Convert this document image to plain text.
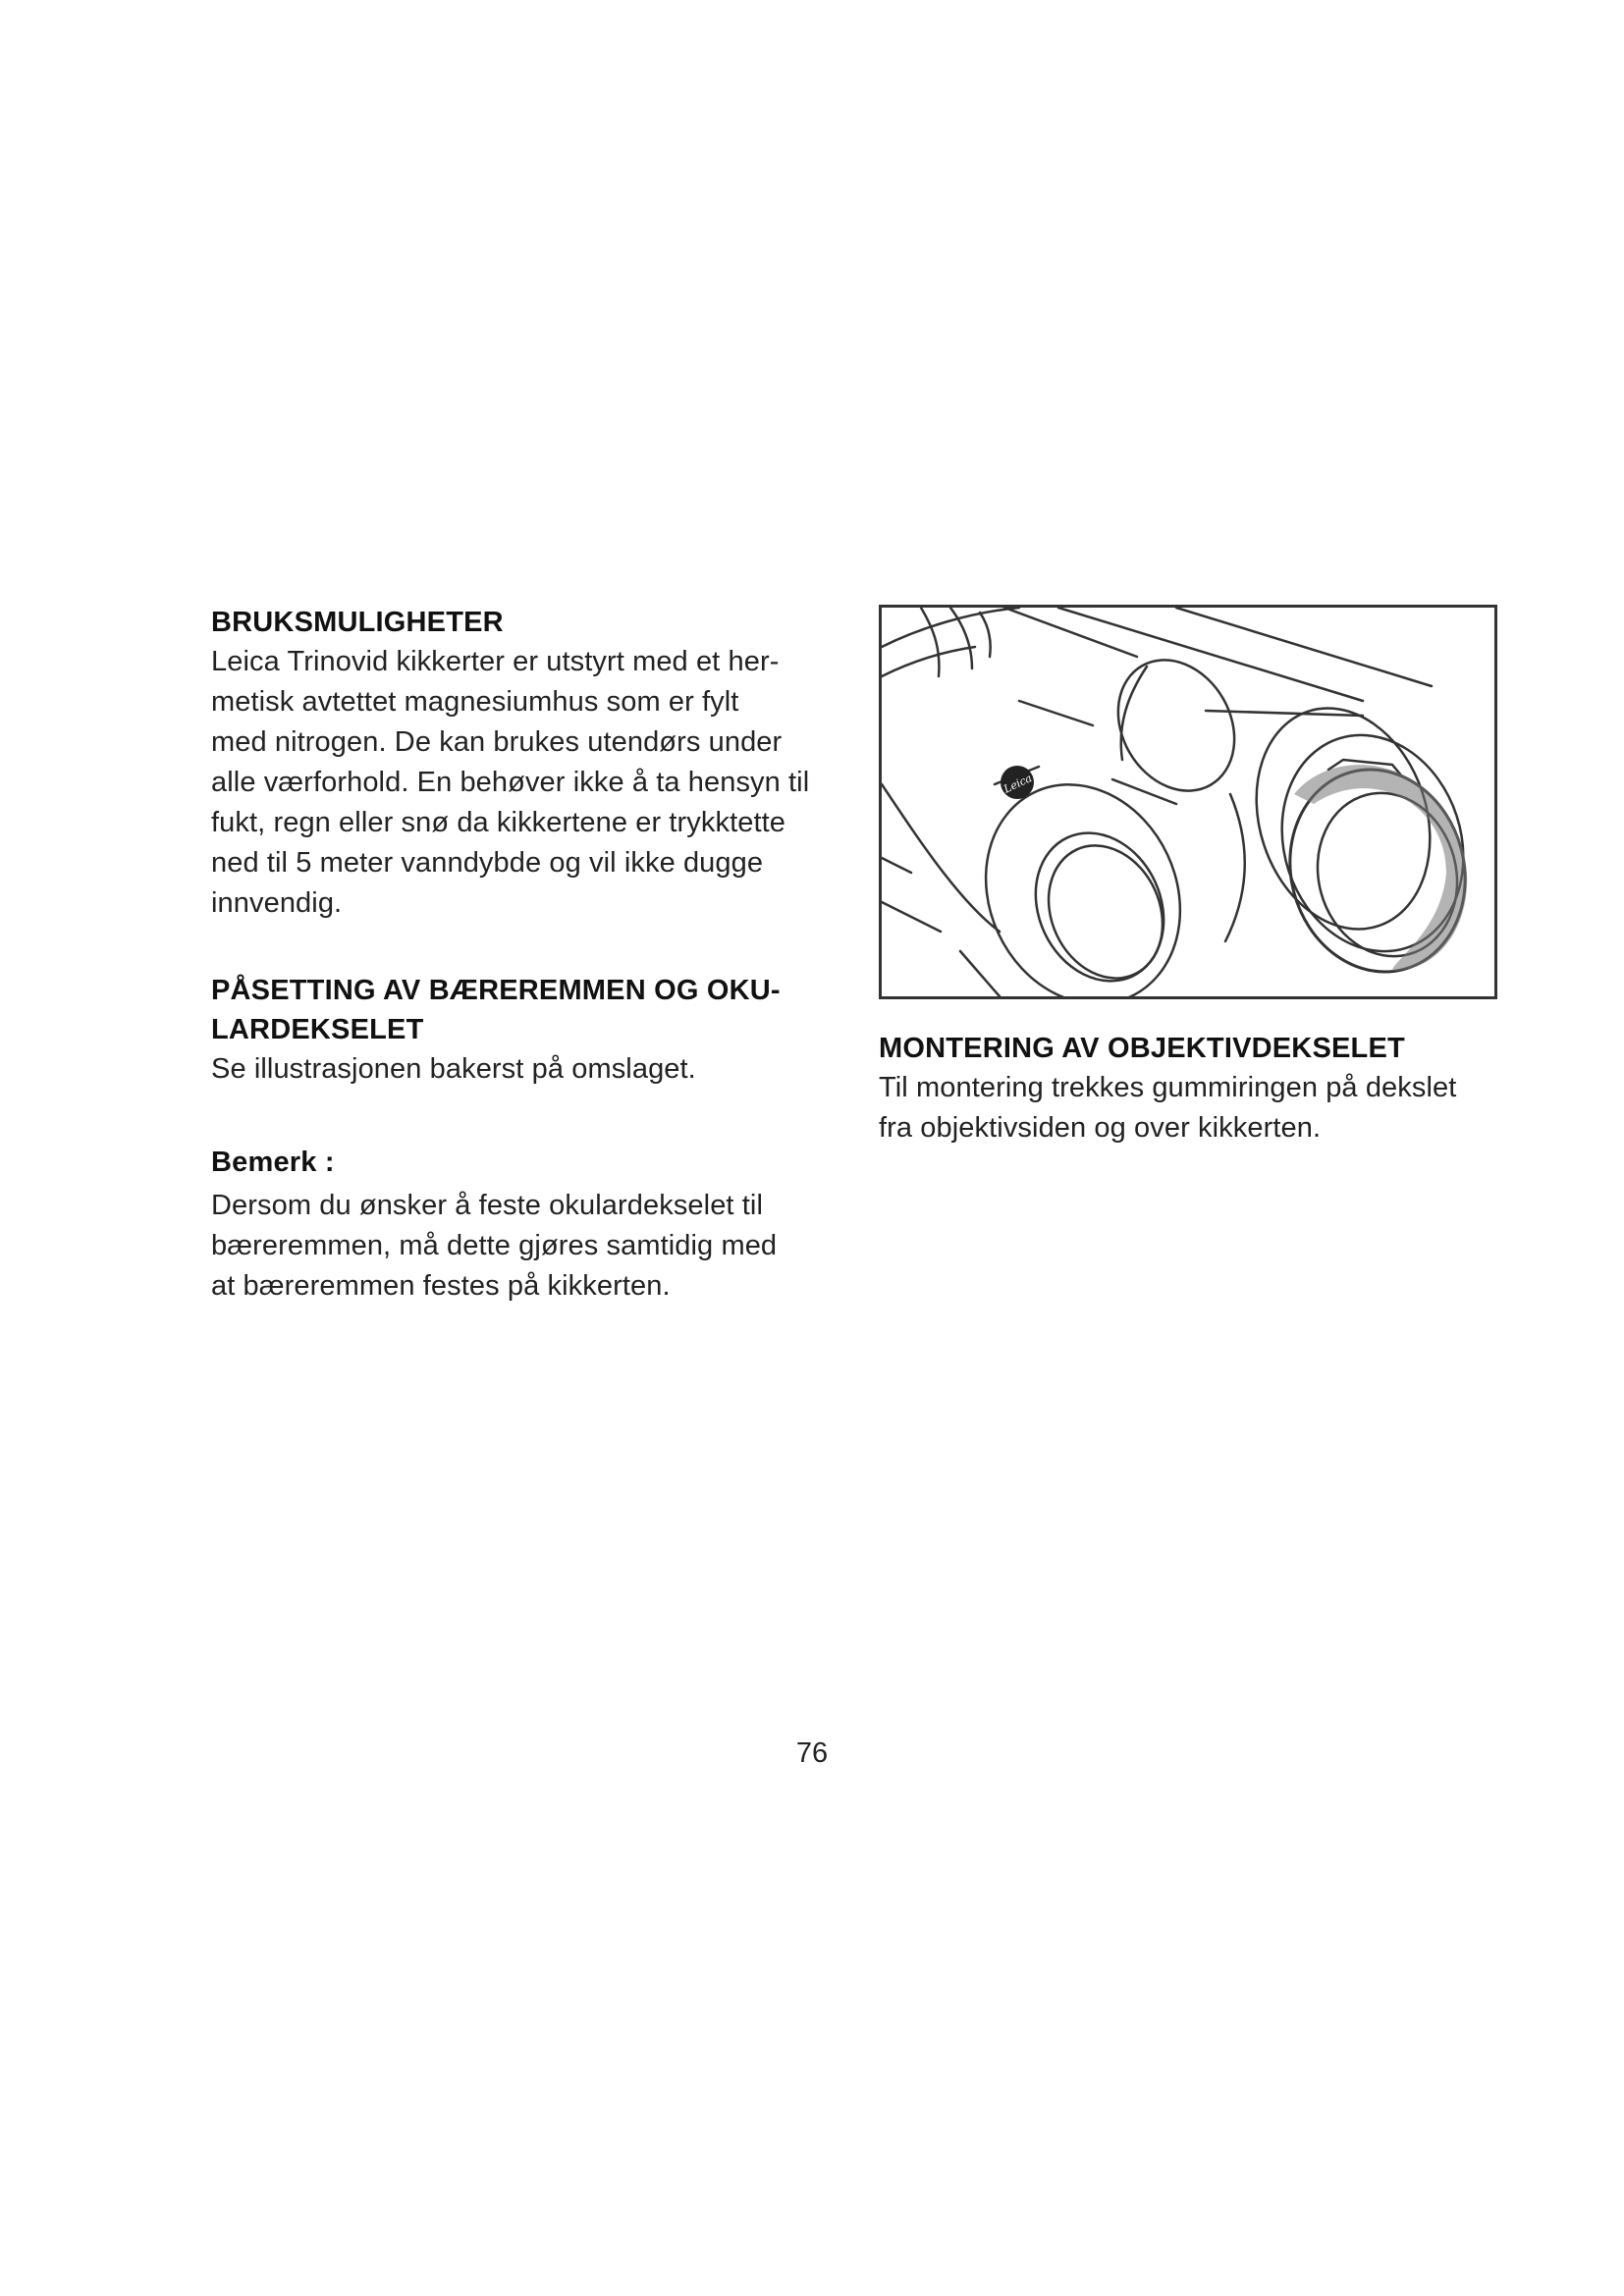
BRUKSMULIGHETER

Leica Trinovid kikkerter er utstyrt med et her-
metisk avtettet magnesiumhus som er fylt
med nitrogen. De kan brukes utendørs under
alle værforhold. En behøver ikke å ta hensyn til
fukt, regn eller snø da kikkertene er trykktette
ned til 5 meter vanndybde og vil ikke dugge
innvendig.

PÅSETTING AV BÆREREMMEN OG OKU-
LARDEKSELET

Se illustrasjonen bakerst på omslaget.

Bemerk :

Dersom du ønsker å feste okulardekselet til
bæreremmen, må dette gjøres samtidig med
at bæreremmen festes på kikkerten.

Leica
MONTERING AV OBJEKTIVDEKSELET

Til montering trekkes gummiringen på dekslet
fra objektivsiden og over kikkerten.

76
